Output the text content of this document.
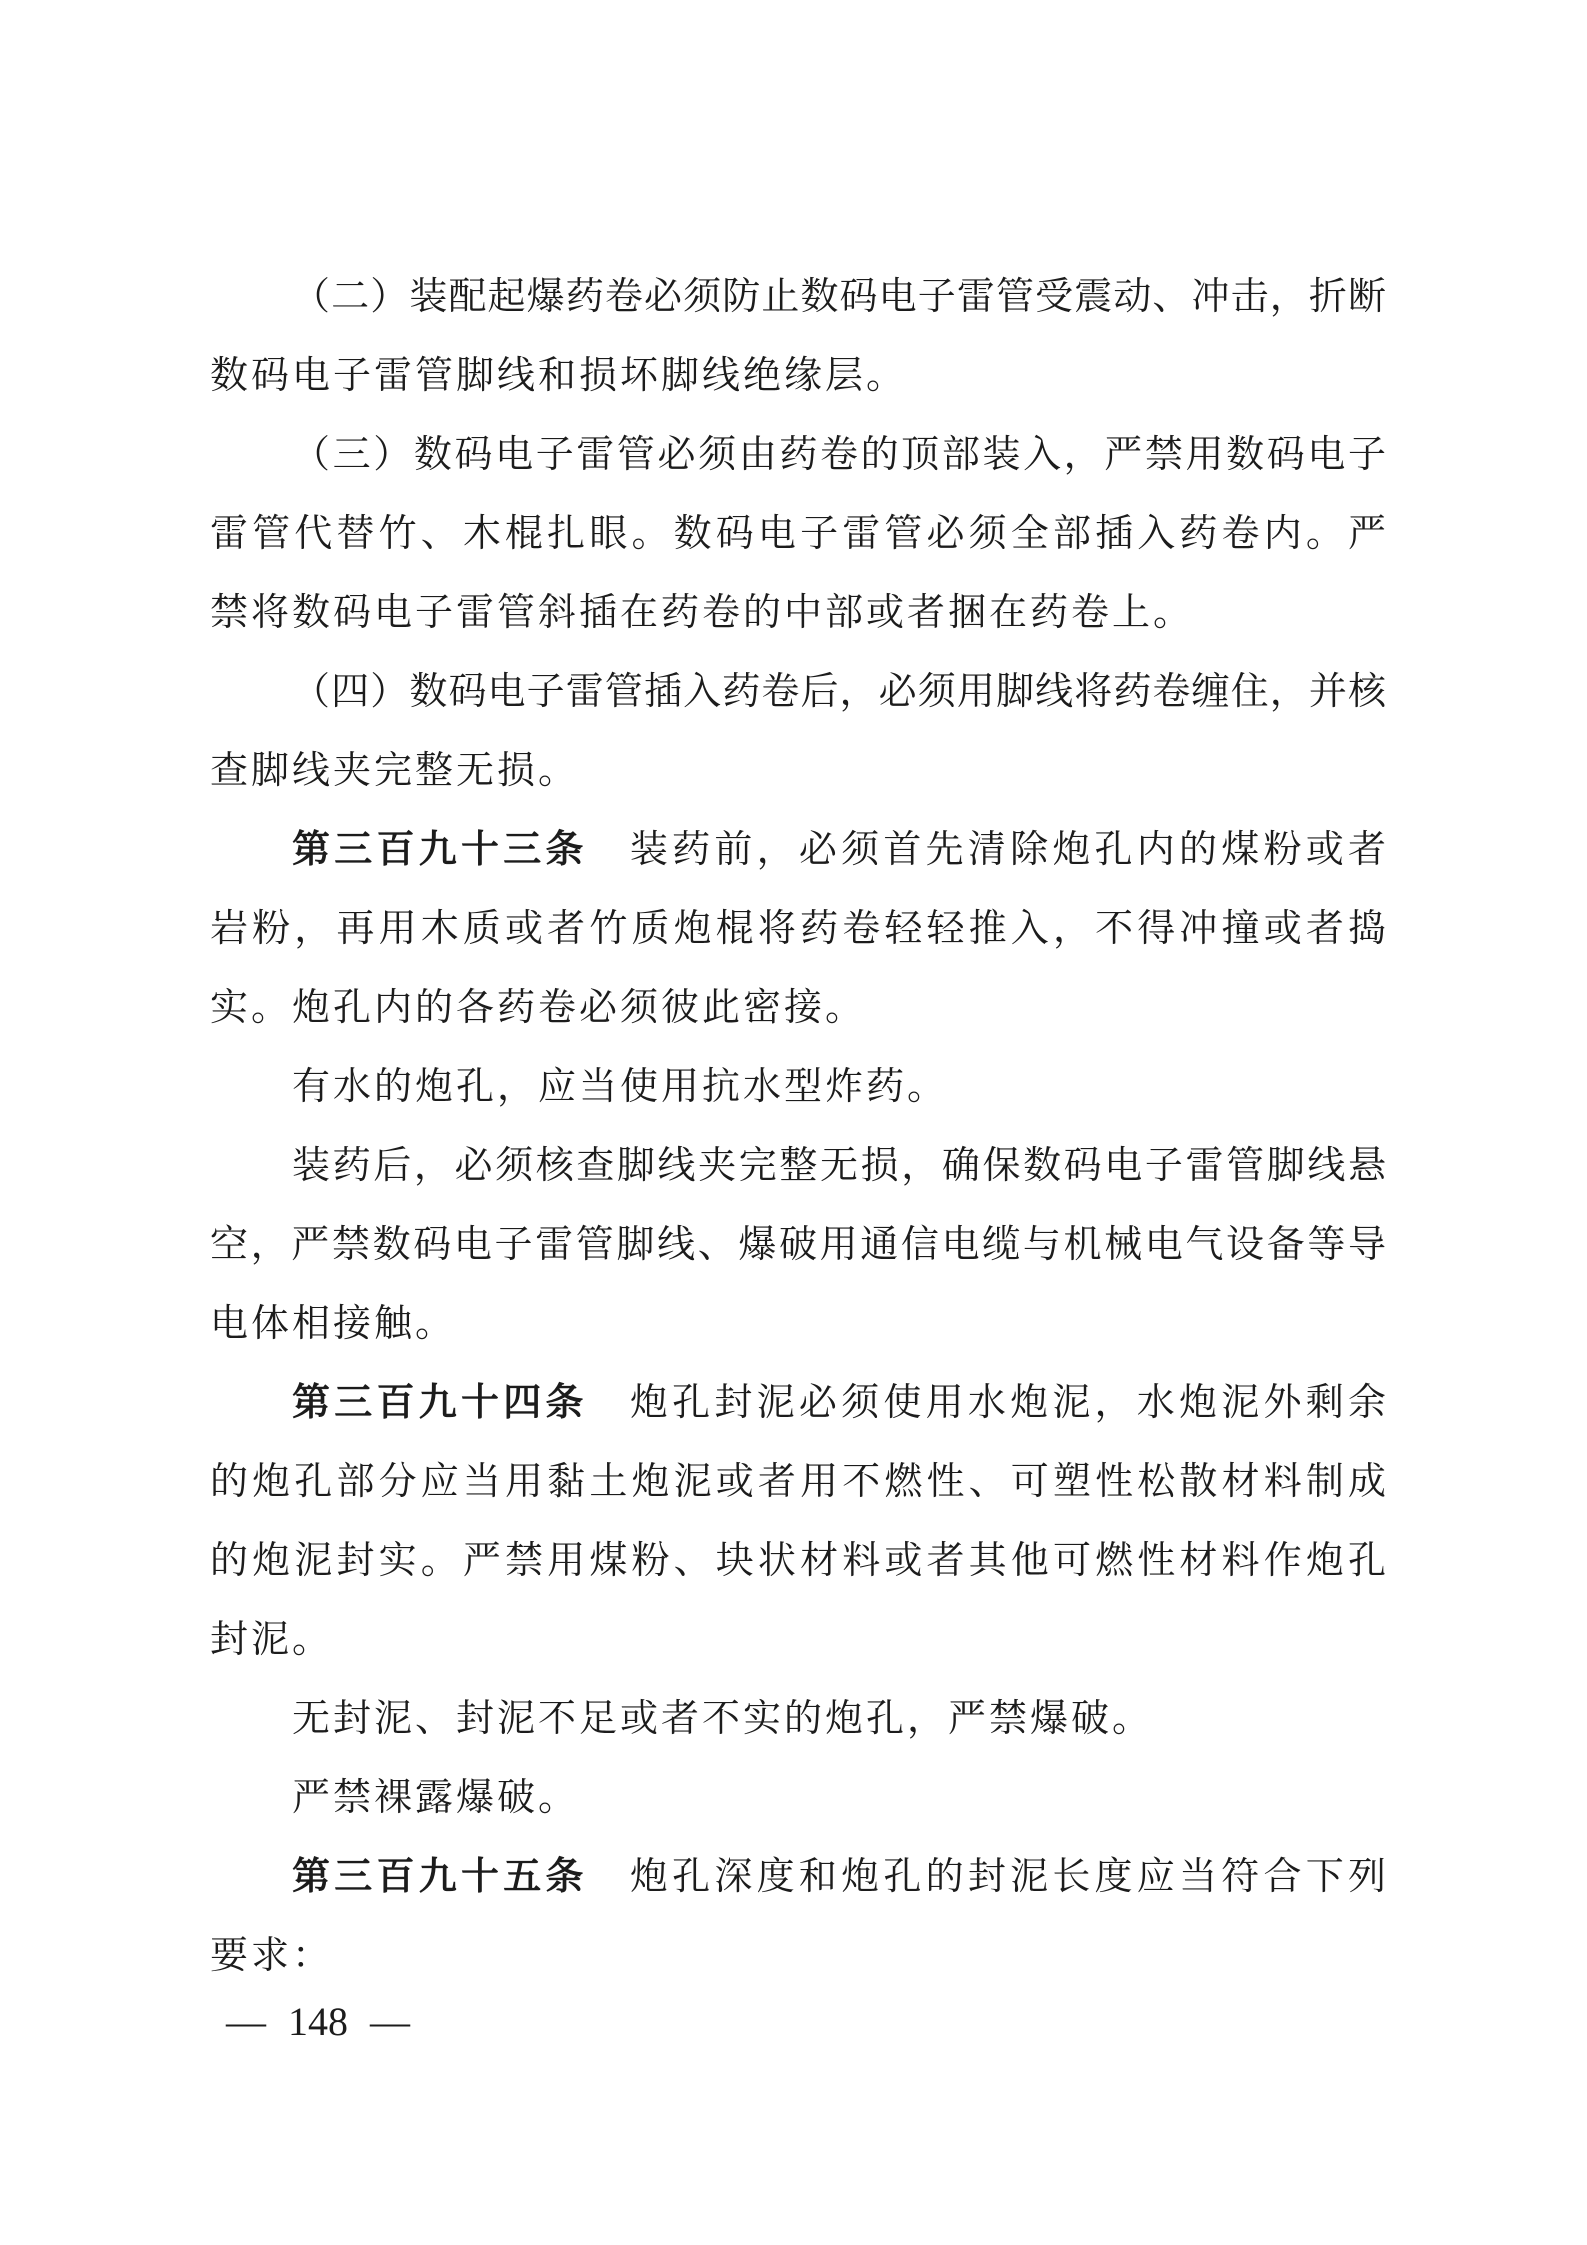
（二）装配起爆药卷必须防止数码电子雷管受震动、冲击，折断
数码电子雷管脚线和损坏脚线绝缘层。
（三）数码电子雷管必须由药卷的顶部装入，严禁用数码电子
雷管代替竹、木棍扎眼。数码电子雷管必须全部插入药卷内。严
禁将数码电子雷管斜插在药卷的中部或者捆在药卷上。
（四）数码电子雷管插入药卷后，必须用脚线将药卷缠住，并核
查脚线夹完整无损。
第三百九十三条　装药前，必须首先清除炮孔内的煤粉或者
岩粉，再用木质或者竹质炮棍将药卷轻轻推入，不得冲撞或者捣
实。炮孔内的各药卷必须彼此密接。
有水的炮孔，应当使用抗水型炸药。
装药后，必须核查脚线夹完整无损，确保数码电子雷管脚线悬
空，严禁数码电子雷管脚线、爆破用通信电缆与机械电气设备等导
电体相接触。
第三百九十四条　炮孔封泥必须使用水炮泥，水炮泥外剩余
的炮孔部分应当用黏土炮泥或者用不燃性、可塑性松散材料制成
的炮泥封实。严禁用煤粉、块状材料或者其他可燃性材料作炮孔
封泥。
无封泥、封泥不足或者不实的炮孔，严禁爆破。
严禁裸露爆破。
第三百九十五条　炮孔深度和炮孔的封泥长度应当符合下列
要求：
— 148 —
